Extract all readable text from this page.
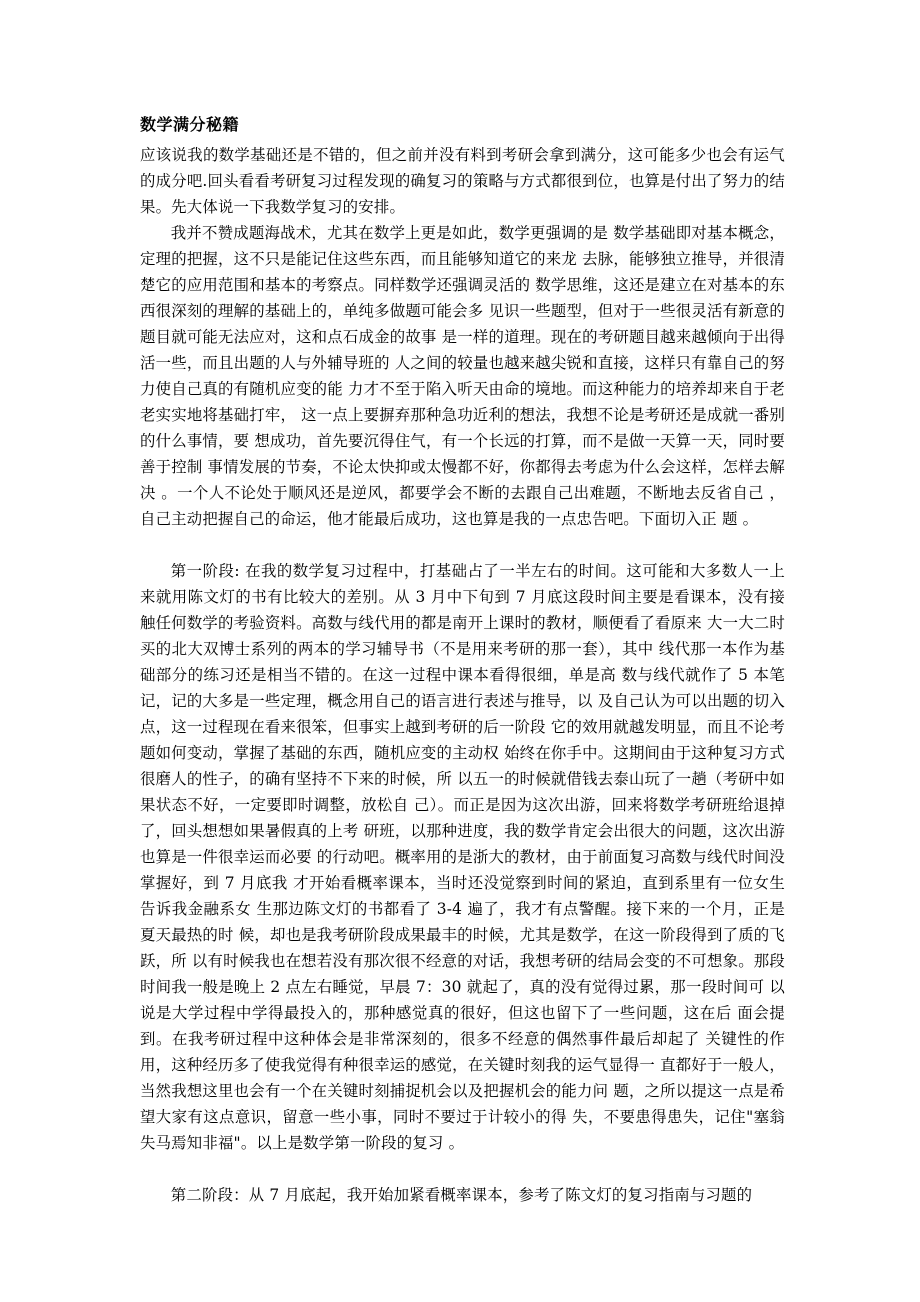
数学满分秘籍

应该说我的数学基础还是不错的，但之前并没有料到考研会拿到满分，这可能多少也会有运气的成分吧.回头看看考研复习过程发现的确复习的策略与方式都很到位，也算是付出了努力的结果。先大体说一下我数学复习的安排。

我并不赞成题海战术，尤其在数学上更是如此，数学更强调的是 数学基础即对基本概念，定理的把握，这不只是能记住这些东西，而且能够知道它的来龙 去脉，能够独立推导，并很清楚它的应用范围和基本的考察点。同样数学还强调灵活的 数学思维，这还是建立在对基本的东西很深刻的理解的基础上的，单纯多做题可能会多 见识一些题型，但对于一些很灵活有新意的题目就可能无法应对，这和点石成金的故事 是一样的道理。现在的考研题目越来越倾向于出得活一些，而且出题的人与外辅导班的 人之间的较量也越来越尖锐和直接，这样只有靠自己的努力使自己真的有随机应变的能 力才不至于陷入听天由命的境地。而这种能力的培养却来自于老老实实地将基础打牢， 这一点上要摒弃那种急功近利的想法，我想不论是考研还是成就一番别的什么事情，要 想成功，首先要沉得住气，有一个长远的打算，而不是做一天算一天，同时要善于控制 事情发展的节奏，不论太快抑或太慢都不好，你都得去考虑为什么会这样，怎样去解决 。一个人不论处于顺风还是逆风，都要学会不断的去跟自己出难题，不断地去反省自己 ，自己主动把握自己的命运，他才能最后成功，这也算是我的一点忠告吧。下面切入正 题 。

第一阶段: 在我的数学复习过程中，打基础占了一半左右的时间。这可能和大多数人一上来就用陈文灯的书有比较大的差别。从 3 月中下旬到 7 月底这段时间主要是看课本，没有接触任何数学的考验资料。高数与线代用的都是南开上课时的教材，顺便看了看原来 大一大二时买的北大双博士系列的两本的学习辅导书（不是用来考研的那一套），其中 线代那一本作为基础部分的练习还是相当不错的。在这一过程中课本看得很细，单是高 数与线代就作了 5 本笔记，记的大多是一些定理，概念用自己的语言进行表述与推导，以 及自己认为可以出题的切入点，这一过程现在看来很笨，但事实上越到考研的后一阶段 它的效用就越发明显，而且不论考题如何变动，掌握了基础的东西，随机应变的主动权 始终在你手中。这期间由于这种复习方式很磨人的性子，的确有坚持不下来的时候，所 以五一的时候就借钱去泰山玩了一趟（考研中如果状态不好，一定要即时调整，放松自 己）。而正是因为这次出游，回来将数学考研班给退掉了，回头想想如果暑假真的上考 研班，以那种进度，我的数学肯定会出很大的问题，这次出游也算是一件很幸运而必要 的行动吧。概率用的是浙大的教材，由于前面复习高数与线代时间没掌握好，到 7 月底我 才开始看概率课本，当时还没觉察到时间的紧迫，直到系里有一位女生告诉我金融系女 生那边陈文灯的书都看了 3-4 遍了，我才有点警醒。接下来的一个月，正是夏天最热的时 候，却也是我考研阶段成果最丰的时候，尤其是数学，在这一阶段得到了质的飞跃，所 以有时候我也在想若没有那次很不经意的对话，我想考研的结局会变的不可想象。那段 时间我一般是晚上 2 点左右睡觉，早晨 7：30 就起了，真的没有觉得过累，那一段时间可 以说是大学过程中学得最投入的，那种感觉真的很好，但这也留下了一些问题，这在后 面会提到。在我考研过程中这种体会是非常深刻的，很多不经意的偶然事件最后却起了 关键性的作用，这种经历多了使我觉得有种很幸运的感觉，在关键时刻我的运气显得一 直都好于一般人，当然我想这里也会有一个在关键时刻捕捉机会以及把握机会的能力问 题，之所以提这一点是希望大家有这点意识，留意一些小事，同时不要过于计较小的得 失，不要患得患失，记住"塞翁失马焉知非福"。以上是数学第一阶段的复习 。

第二阶段：从 7 月底起，我开始加紧看概率课本，参考了陈文灯的复习指南与习题的
